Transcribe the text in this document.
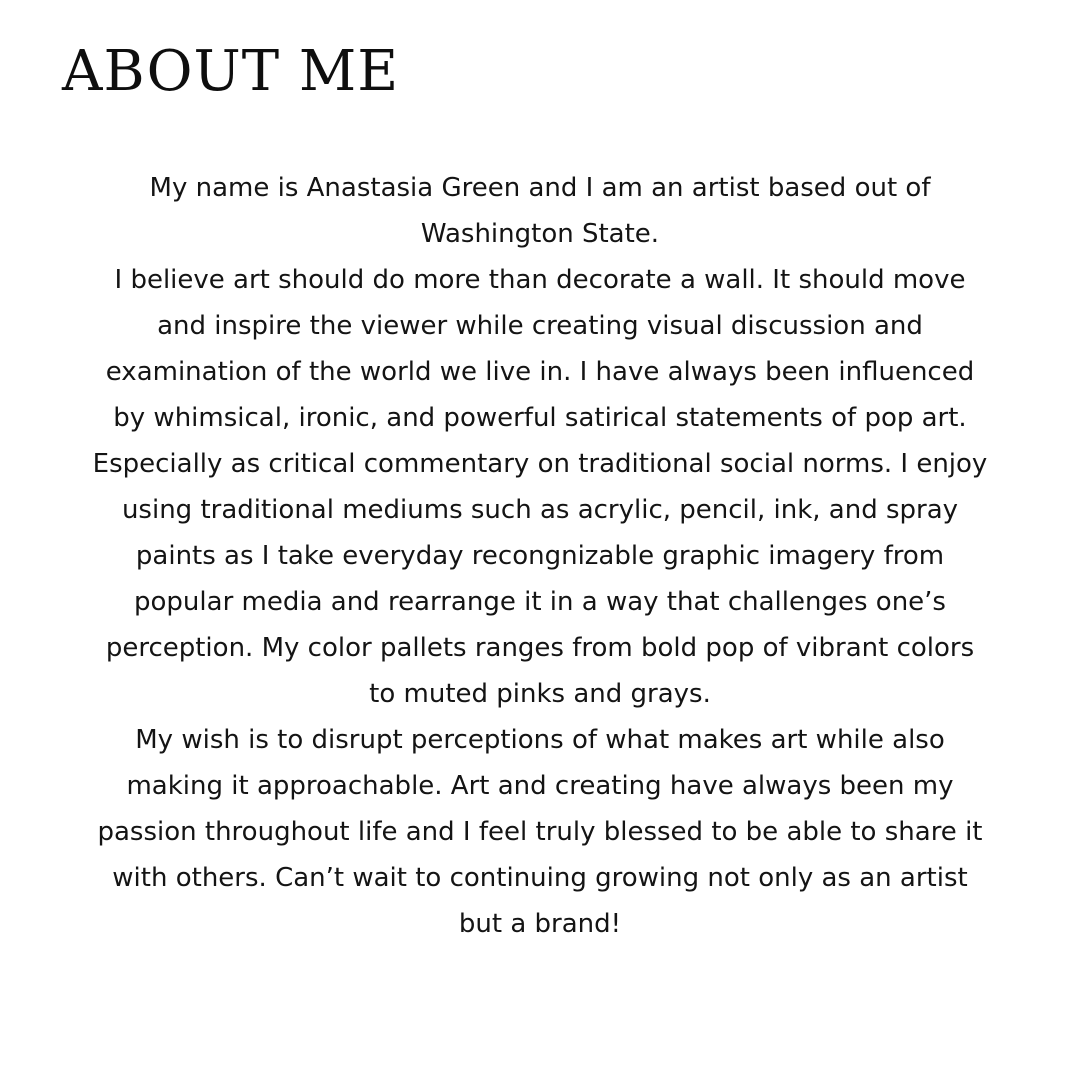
ABOUT ME
My name is Anastasia Green and I am an artist based out of
Washington State.
I believe art should do more than decorate a wall. It should move
and inspire the viewer while creating visual discussion and
examination of the world we live in. I have always been influenced
by whimsical, ironic, and powerful satirical statements of pop art.
Especially as critical commentary on traditional social norms. I enjoy
using traditional mediums such as acrylic, pencil, ink, and spray
paints as I take everyday recongnizable graphic imagery from
popular media and rearrange it in a way that challenges one’s
perception. My color pallets ranges from bold pop of vibrant colors
to muted pinks and grays.
My wish is to disrupt perceptions of what makes art while also
making it approachable. Art and creating have always been my
passion throughout life and I feel truly blessed to be able to share it
with others. Can’t wait to continuing growing not only as an artist
but a brand!
